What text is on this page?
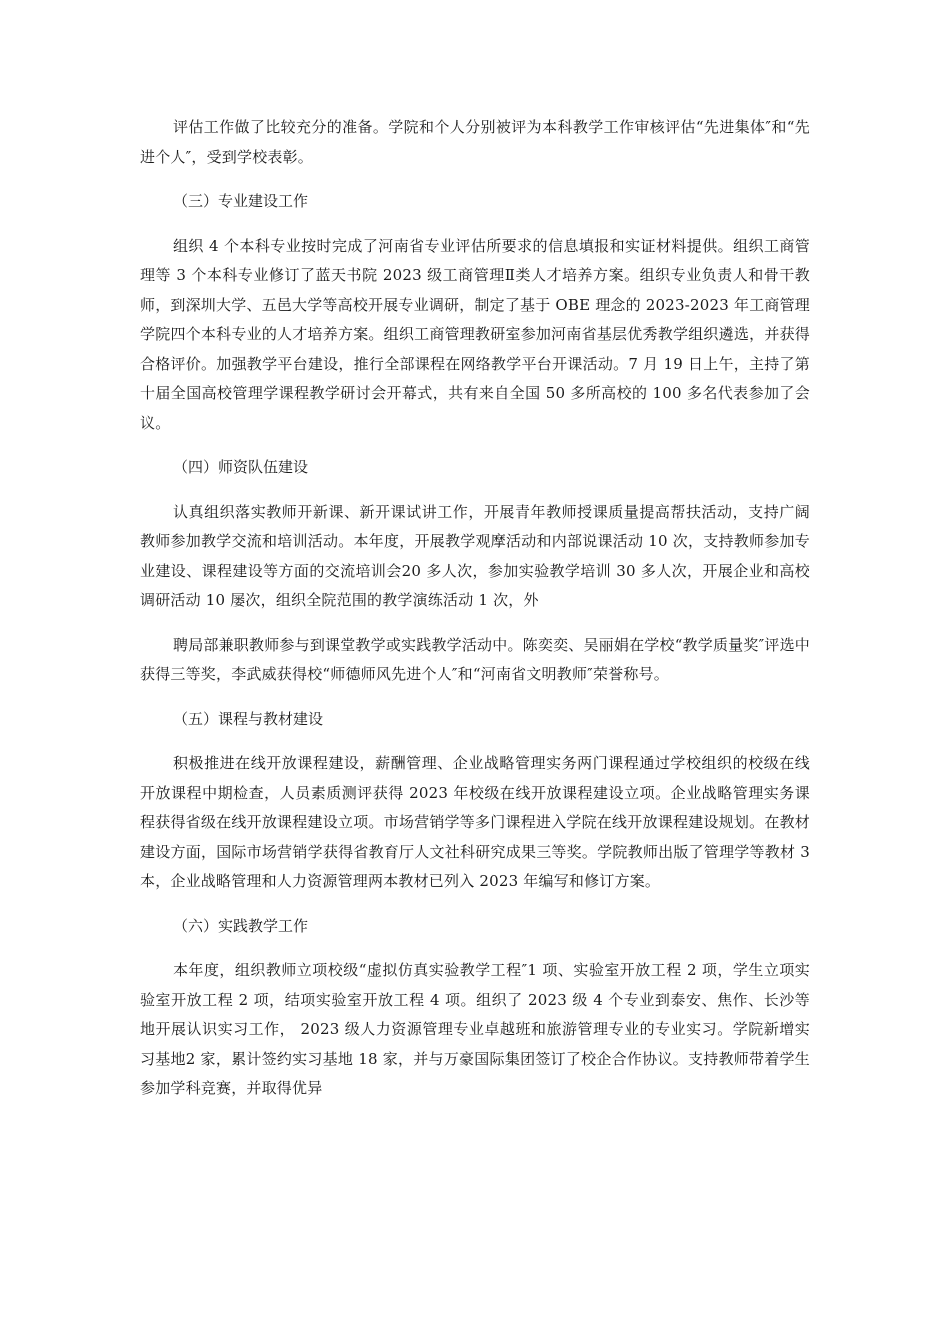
评估工作做了比较充分的准备。学院和个人分别被评为本科教学工作审核评估“先进集体″和“先进个人″，受到学校表彰。

（三）专业建设工作

组织 4 个本科专业按时完成了河南省专业评估所要求的信息填报和实证材料提供。组织工商管理等 3 个本科专业修订了蓝天书院 2023 级工商管理Ⅱ类人才培养方案。组织专业负责人和骨干教师，到深圳大学、五邑大学等高校开展专业调研，制定了基于 OBE 理念的 2023-2023 年工商管理学院四个本科专业的人才培养方案。组织工商管理教研室参加河南省基层优秀教学组织遴选，并获得合格评价。加强教学平台建设，推行全部课程在网络教学平台开课活动。7 月 19 日上午，主持了第十届全国高校管理学课程教学研讨会开幕式，共有来自全国 50 多所高校的 100 多名代表参加了会议。

（四）师资队伍建设

认真组织落实教师开新课、新开课试讲工作，开展青年教师授课质量提高帮扶活动，支持广阔教师参加教学交流和培训活动。本年度，开展教学观摩活动和内部说课活动 10 次，支持教师参加专业建设、课程建设等方面的交流培训会20 多人次，参加实验教学培训 30 多人次，开展企业和高校调研活动 10 屡次，组织全院范围的教学演练活动 1 次，外

聘局部兼职教师参与到课堂教学或实践教学活动中。陈奕奕、吴丽娟在学校“教学质量奖″评选中获得三等奖，李武威获得校“师德师风先进个人″和“河南省文明教师″荣誉称号。

（五）课程与教材建设

积极推进在线开放课程建设，薪酬管理、企业战略管理实务两门课程通过学校组织的校级在线开放课程中期检查，人员素质测评获得 2023 年校级在线开放课程建设立项。企业战略管理实务课程获得省级在线开放课程建设立项。市场营销学等多门课程进入学院在线开放课程建设规划。在教材建设方面，国际市场营销学获得省教育厅人文社科研究成果三等奖。学院教师出版了管理学等教材 3 本，企业战略管理和人力资源管理两本教材已列入 2023 年编写和修订方案。

（六）实践教学工作

本年度，组织教师立项校级“虚拟仿真实验教学工程″1 项、实验室开放工程 2 项，学生立项实验室开放工程 2 项，结项实验室开放工程 4 项。组织了 2023 级 4 个专业到泰安、焦作、长沙等地开展认识实习工作， 2023 级人力资源管理专业卓越班和旅游管理专业的专业实习。学院新增实习基地2 家，累计签约实习基地 18 家，并与万豪国际集团签订了校企合作协议。支持教师带着学生参加学科竞赛，并取得优异
